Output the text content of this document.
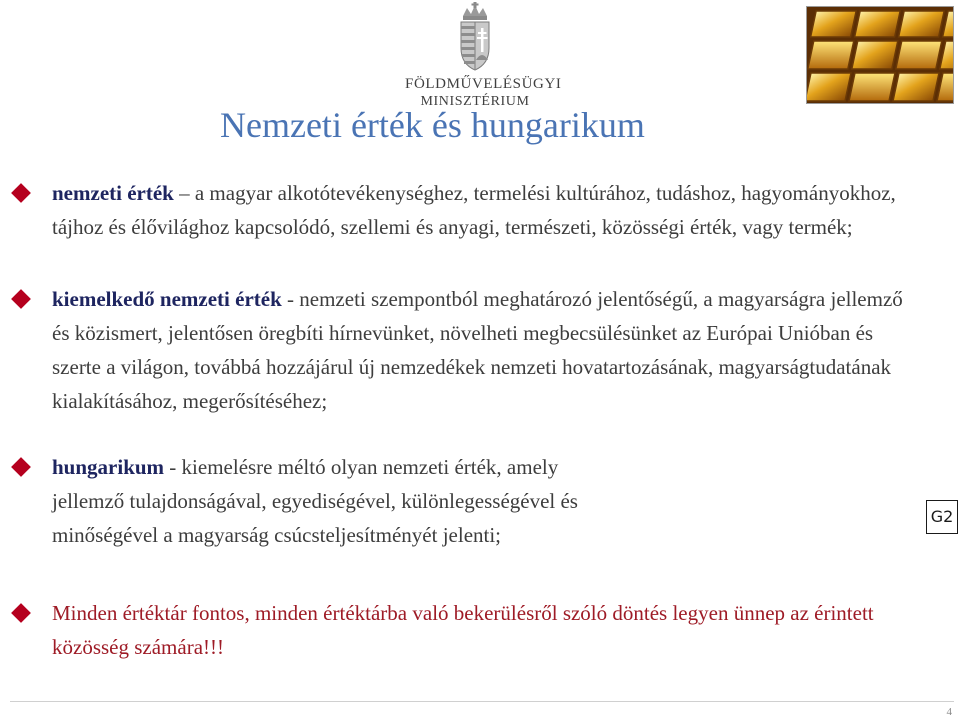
FÖLDMŰVELÉSÜGYI
MINISZTÉRIUM
Nemzeti érték és hungarikum
nemzeti érték – a magyar alkotótevékenységhez, termelési kultúrához, tudáshoz, hagyományokhoz, tájhoz és élővilághoz kapcsolódó, szellemi és anyagi, természeti, közösségi érték, vagy termék;
kiemelkedő nemzeti érték - nemzeti szempontból meghatározó jelentőségű, a magyarságra jellemző és közismert, jelentősen öregbíti hírnevünket, növelheti megbecsülésünket az Európai Unióban és szerte a világon, továbbá hozzájárul új nemzedékek nemzeti hovatartozásának, magyarságtudatának kialakításához, megerősítéséhez;
hungarikum - kiemelésre méltó olyan nemzeti érték, amely jellemző tulajdonságával, egyediségével, különlegességével és minőségével a magyarság csúcsteljesítményét jelenti;
G2
Minden értéktár fontos, minden értéktárba való bekerülésről szóló döntés legyen ünnep az érintett közösség számára!!!
4
